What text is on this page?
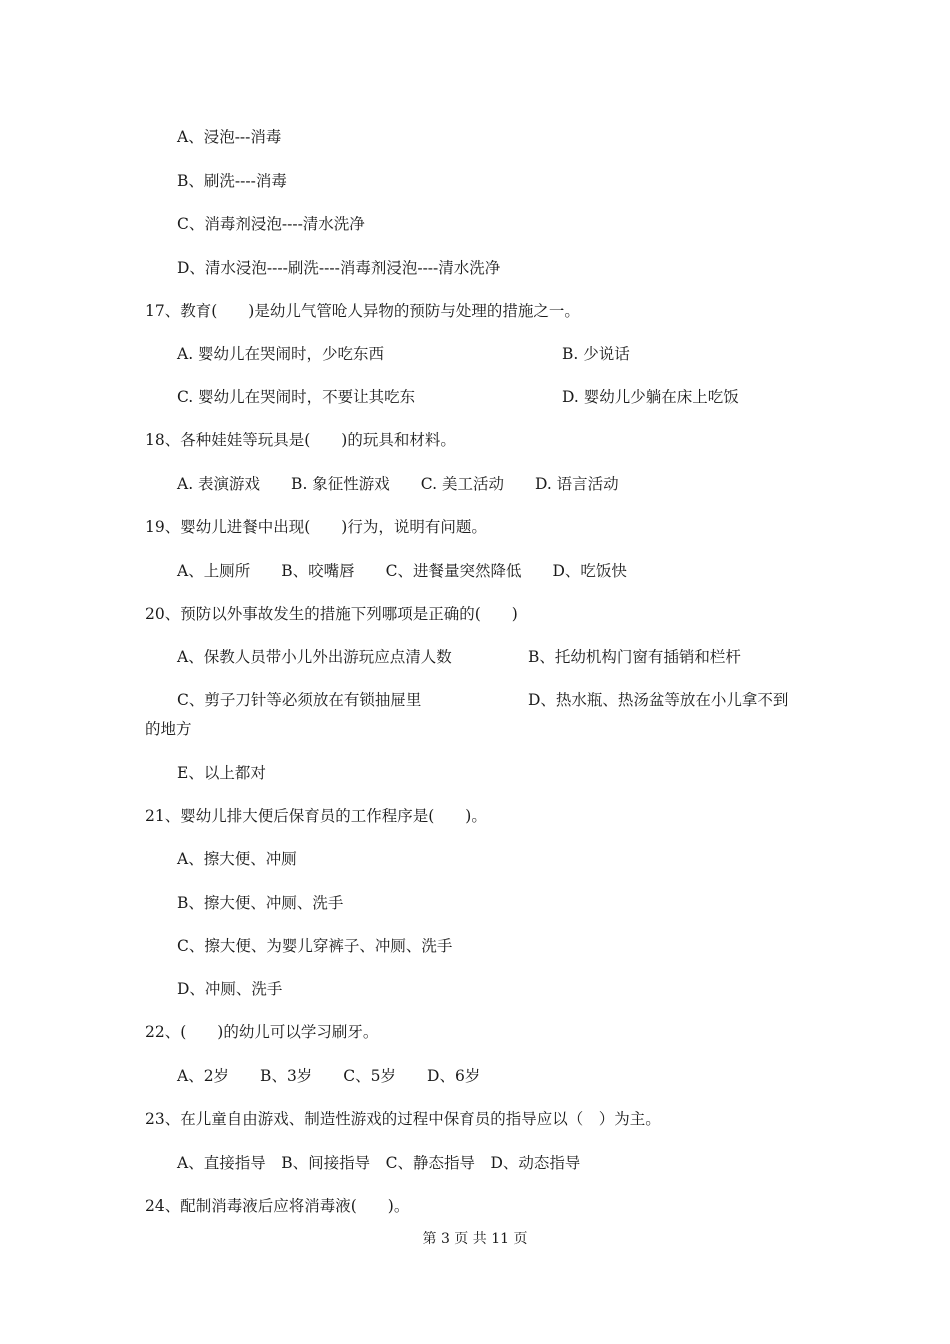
A、浸泡---消毒
B、刷洗----消毒
C、消毒剂浸泡----清水洗净
D、清水浸泡----刷洗----消毒剂浸泡----清水洗净
17、教育(　　)是幼儿气管呛人异物的预防与处理的措施之一。
A. 婴幼儿在哭闹时，少吃东西	B. 少说话
C. 婴幼儿在哭闹时，不要让其吃东	D. 婴幼儿少躺在床上吃饭
18、各种娃娃等玩具是(　　)的玩具和材料。
A. 表演游戏　　B. 象征性游戏　　C. 美工活动　　D. 语言活动
19、婴幼儿进餐中出现(　　)行为，说明有问题。
A、上厕所　　B、咬嘴唇　　C、进餐量突然降低　　D、吃饭快
20、预防以外事故发生的措施下列哪项是正确的(　　)
A、保教人员带小儿外出游玩应点清人数	B、托幼机构门窗有插销和栏杆
C、剪子刀针等必须放在有锁抽屉里	D、热水瓶、热汤盆等放在小儿拿不到
的地方
E、以上都对
21、婴幼儿排大便后保育员的工作程序是(　　)。
A、擦大便、冲厕
B、擦大便、冲厕、洗手
C、擦大便、为婴儿穿裤子、冲厕、洗手
D、冲厕、洗手
22、(　　)的幼儿可以学习刷牙。
A、2岁　　B、3岁　　C、5岁　　D、6岁
23、在儿童自由游戏、制造性游戏的过程中保育员的指导应以（　）为主。
A、直接指导　B、间接指导　C、静态指导　D、动态指导
24、配制消毒液后应将消毒液(　　)。
第 3 页 共 11 页
